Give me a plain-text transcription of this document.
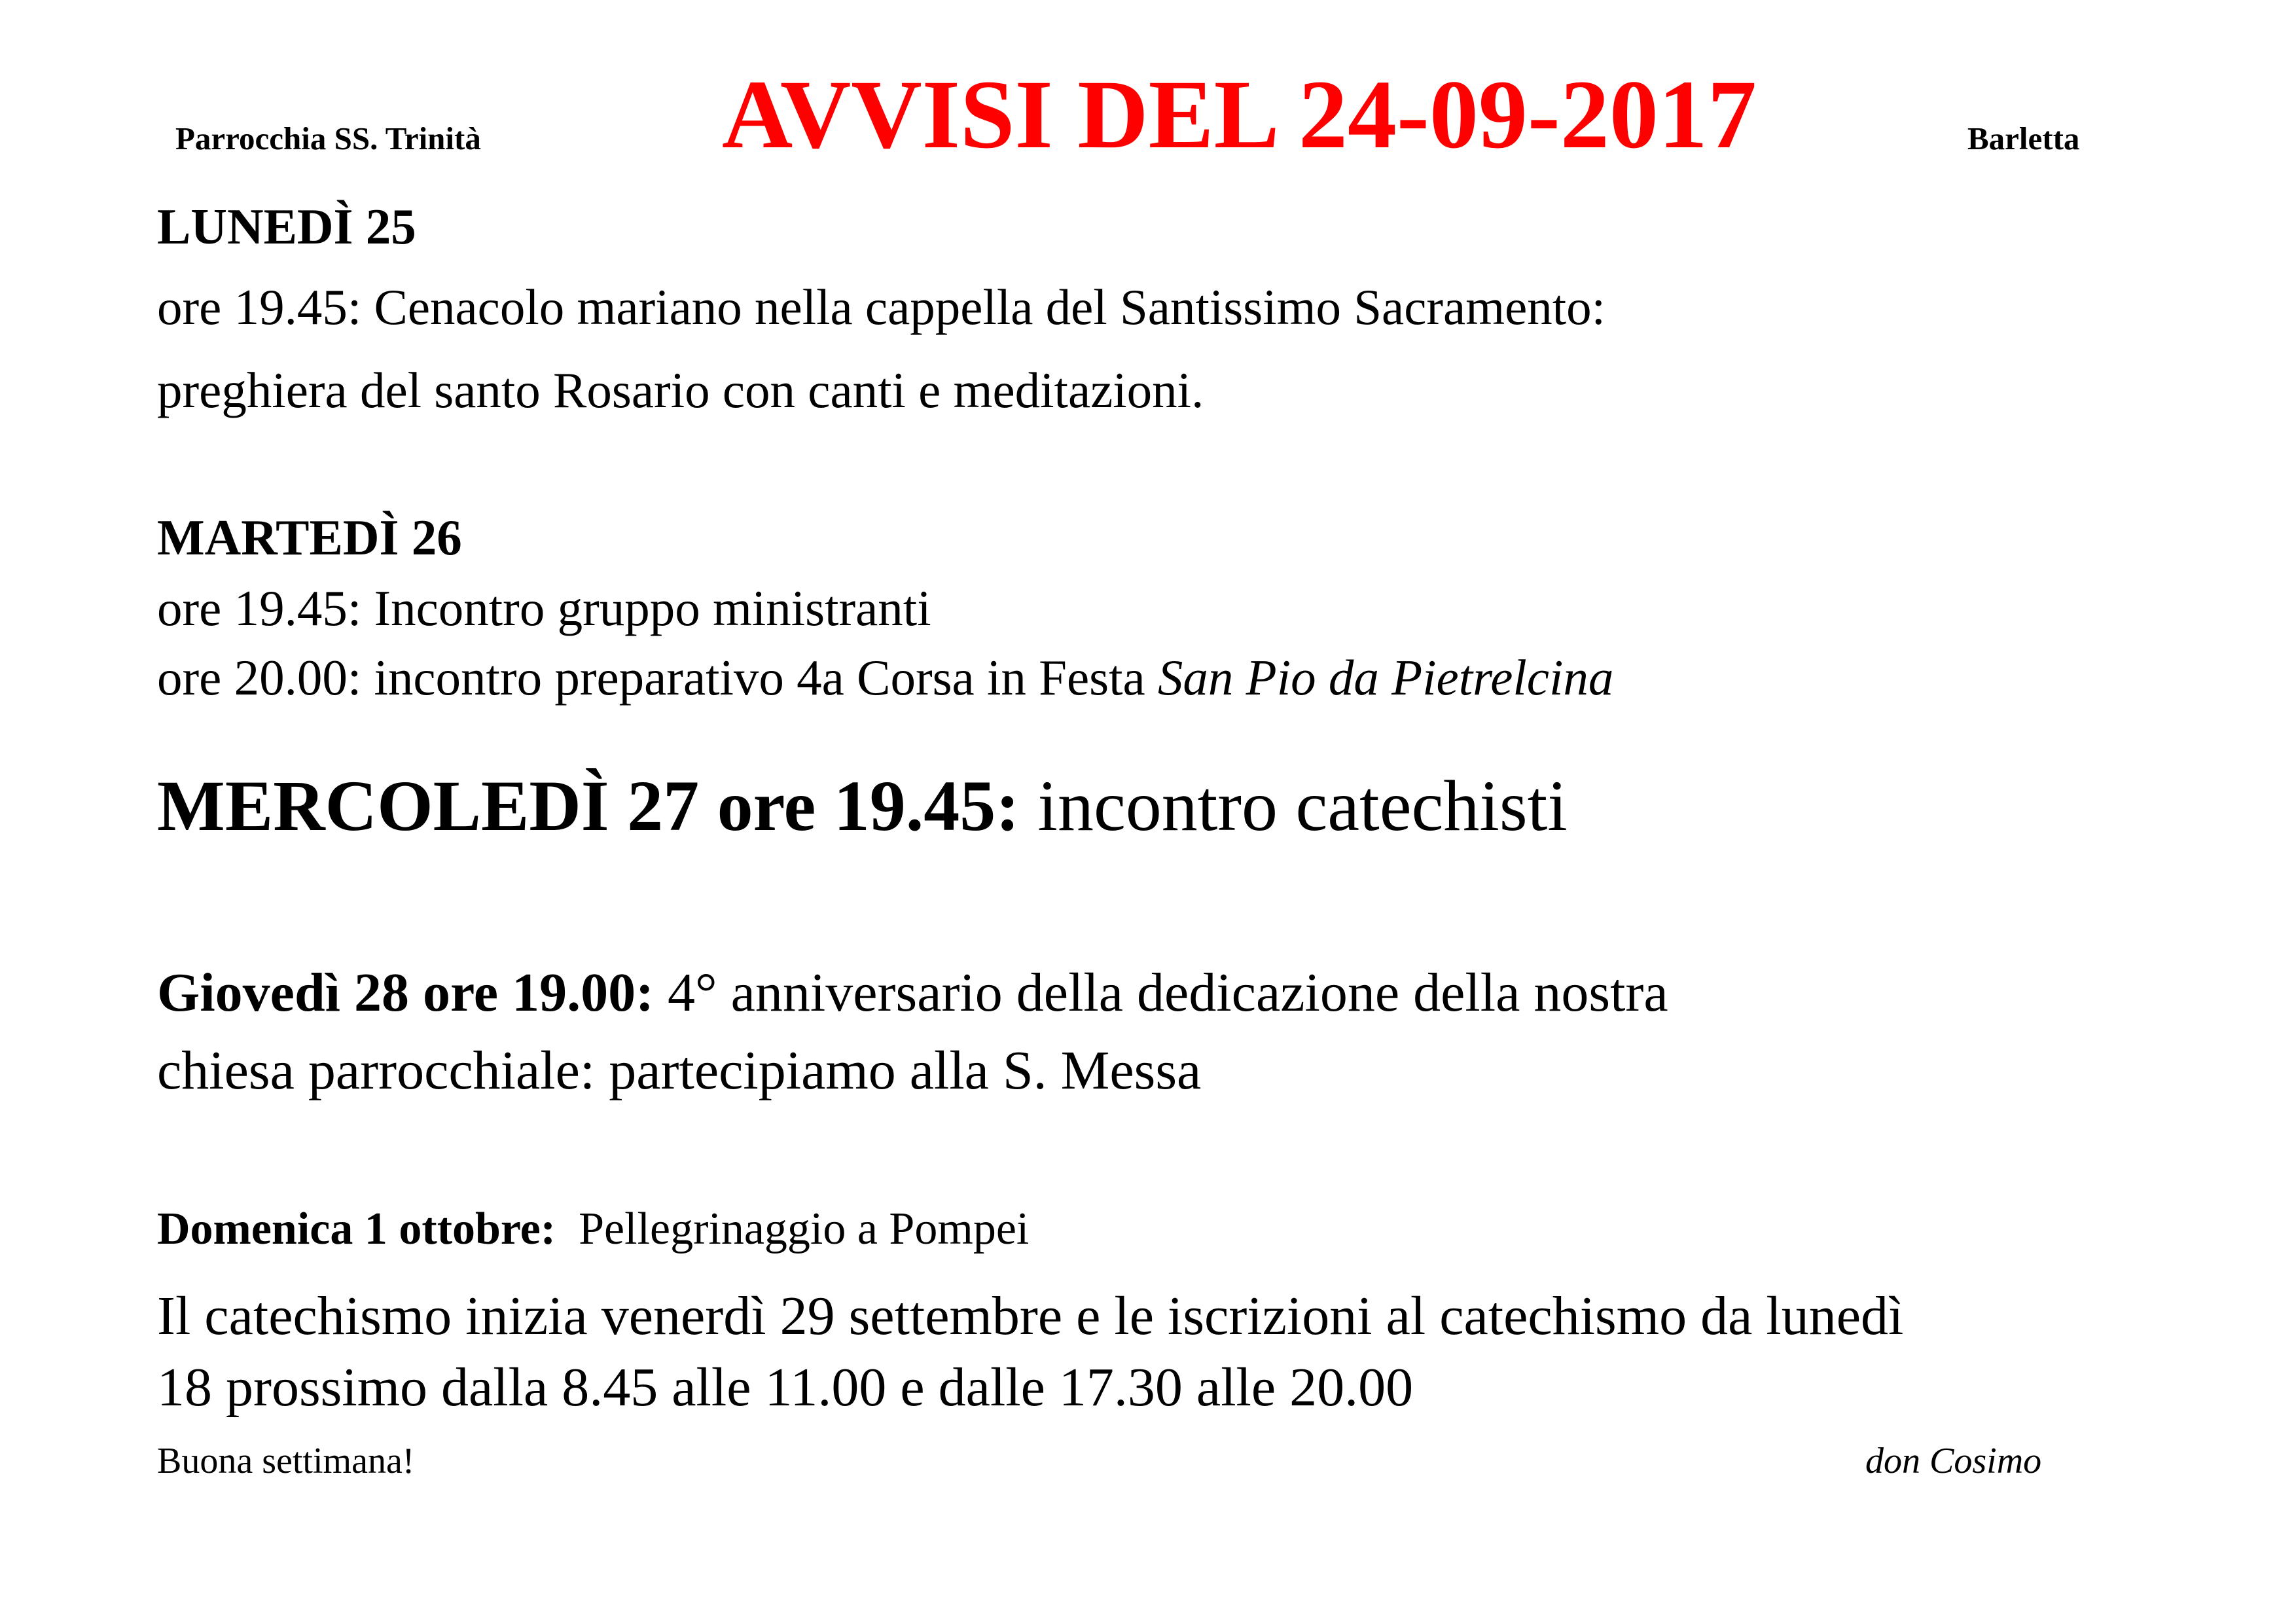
Parrocchia SS. Trinità AVVISI DEL 24-09-2017	Barletta
LUNEDÌ 25
ore 19.45: Cenacolo mariano nella cappella del Santissimo Sacramento:
preghiera del santo Rosario con canti e meditazioni.
MARTEDÌ 26
ore 19.45: Incontro gruppo ministranti
ore 20.00: incontro preparativo 4a Corsa in Festa San Pio da Pietrelcina
MERCOLEDÌ 27 ore 19.45: incontro catechisti
Giovedì 28 ore 19.00: 4° anniversario della dedicazione della nostra
chiesa parrocchiale: partecipiamo alla S. Messa
Domenica 1 ottobre:  Pellegrinaggio a Pompei
Il catechismo inizia venerdì 29 settembre e le iscrizioni al catechismo da lunedì
18 prossimo dalla 8.45 alle 11.00 e dalle 17.30 alle 20.00
Buona settimana!	don Cosimo
